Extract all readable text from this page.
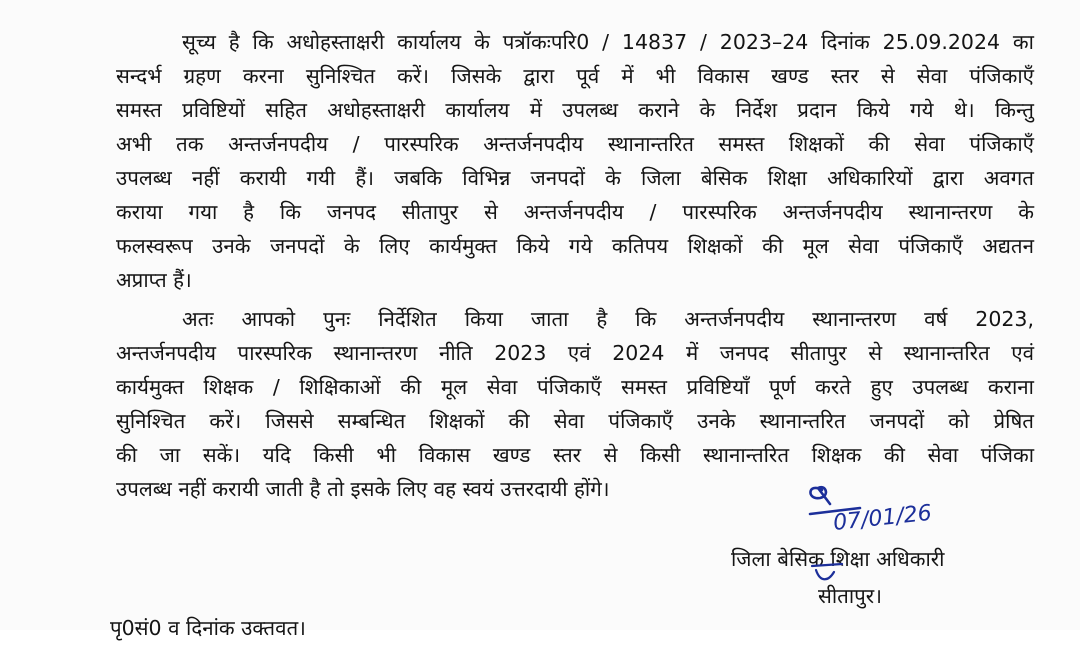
सूच्य है कि अधोहस्ताक्षरी कार्यालय के पत्रॉकःपरि0 / 14837 / 2023–24 दिनांक 25.09.2024 का
सन्दर्भ ग्रहण करना सुनिश्चित करें। जिसके द्वारा पूर्व में भी विकास खण्ड स्तर से सेवा पंजिकाएँ
समस्त प्रविष्टियों सहित अधोहस्ताक्षरी कार्यालय में उपलब्ध कराने के निर्देश प्रदान किये गये थे। किन्तु
अभी तक अन्तर्जनपदीय / पारस्परिक अन्तर्जनपदीय स्थानान्तरित समस्त शिक्षकों की सेवा पंजिकाएँ
उपलब्ध नहीं करायी गयी हैं। जबकि विभिन्न जनपदों के जिला बेसिक शिक्षा अधिकारियों द्वारा अवगत
कराया गया है कि जनपद सीतापुर से अन्तर्जनपदीय / पारस्परिक अन्तर्जनपदीय स्थानान्तरण के
फलस्वरूप उनके जनपदों के लिए कार्यमुक्त किये गये कतिपय शिक्षकों की मूल सेवा पंजिकाएँ अद्यतन
अप्राप्त हैं।
अतः आपको पुनः निर्देशित किया जाता है कि अन्तर्जनपदीय स्थानान्तरण वर्ष 2023,
अन्तर्जनपदीय पारस्परिक स्थानान्तरण नीति 2023 एवं 2024 में जनपद सीतापुर से स्थानान्तरित एवं
कार्यमुक्त शिक्षक / शिक्षिकाओं की मूल सेवा पंजिकाएँ समस्त प्रविष्टियाँ पूर्ण करते हुए उपलब्ध कराना
सुनिश्चित करें। जिससे सम्बन्धित शिक्षकों की सेवा पंजिकाएँ उनके स्थानान्तरित जनपदों को प्रेषित
की जा सकें। यदि किसी भी विकास खण्ड स्तर से किसी स्थानान्तरित शिक्षक की सेवा पंजिका
उपलब्ध नहीं करायी जाती है तो इसके लिए वह स्वयं उत्तरदायी होंगे।
07/01/26
जिला बेसिक शिक्षा अधिकारी
सीतापुर।
पृ0सं0 व दिनांक उक्तवत।
